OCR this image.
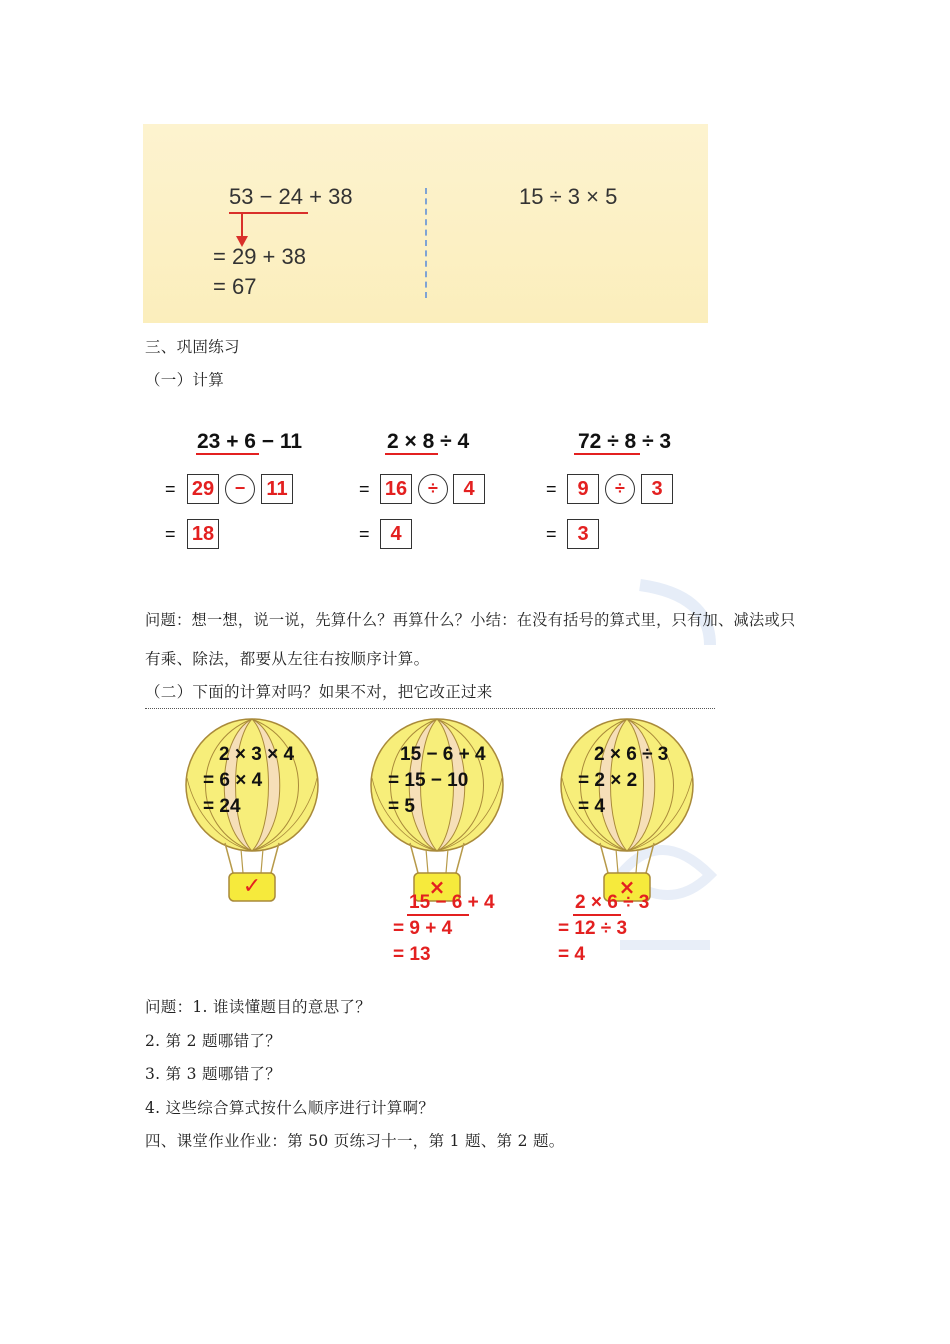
53 − 24 + 38
= 29 + 38
= 67
15 ÷ 3 × 5
三、巩固练习
（一）计算
23 + 6 − 11
= 29	−	11
= 18
2 × 8 ÷ 4
= 16	÷	4
=	4
72 ÷ 8 ÷ 3
=	9	÷	3
=	3
问题：想一想，说一说，先算什么？再算什么？小结：在没有括号的算式里，只有加、减法或只
有乘、除法，都要从左往右按顺序计算。
（二）下面的计算对吗？如果不对，把它改正过来
2 × 3 × 4
= 6 × 4
= 24
✓
15 − 6 + 4
= 15 − 10
= 5
×
2 × 6 ÷ 3
= 2 × 2
= 4
×
15 − 6 + 4
= 9 + 4
= 13
2 × 6 ÷ 3
= 12 ÷ 3
= 4
问题：1. 谁读懂题目的意思了？
2. 第 2 题哪错了？
3. 第 3 题哪错了？
4. 这些综合算式按什么顺序进行计算啊？
四、课堂作业作业：第 50 页练习十一，第 1 题、第 2 题。
